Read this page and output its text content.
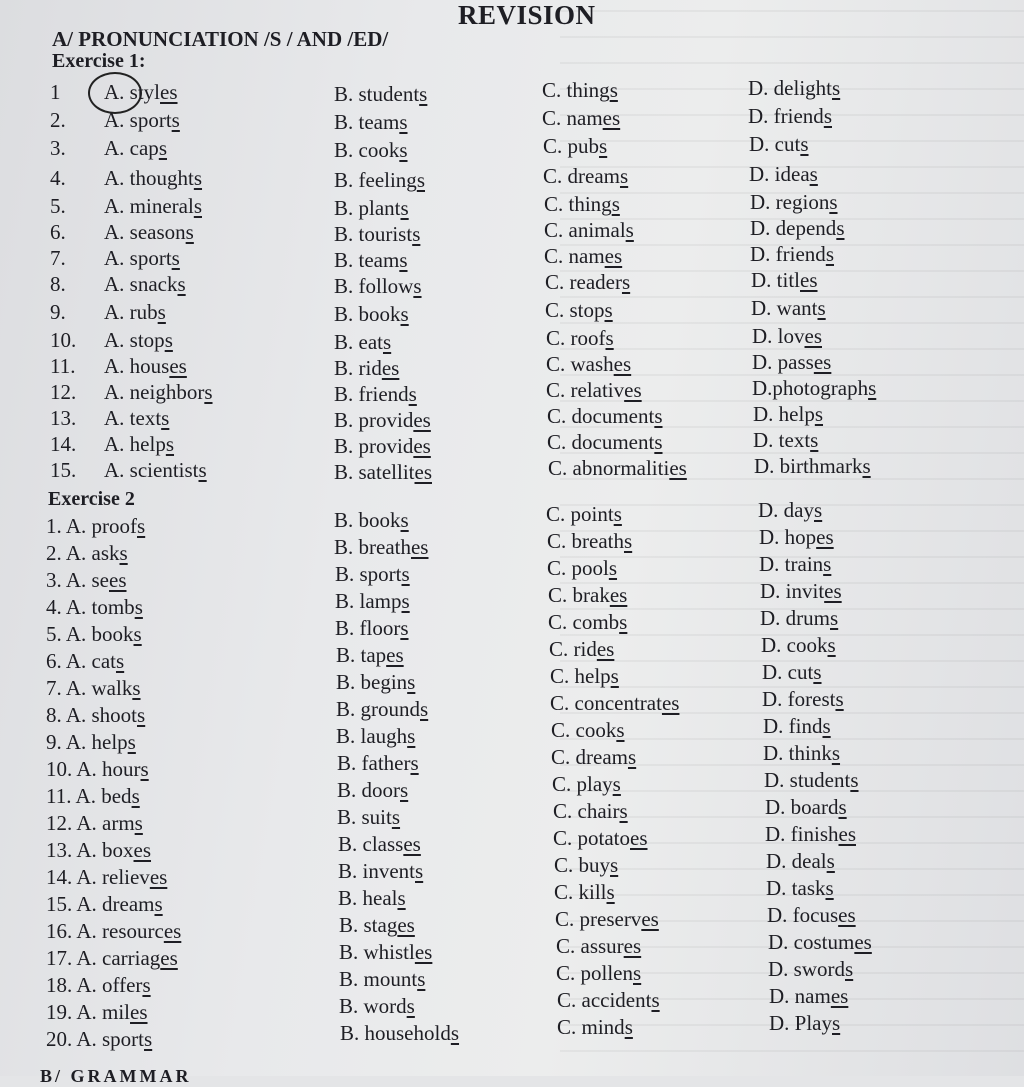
REVISION
A/ PRONUNCIATION /S / AND /ED/
Exercise 1:
1 A. styles	B. students	C. things	D. delights
2. A. sports	B. teams	C. names	D. friends
3. A. caps	B. cooks	C. pubs	D. cuts
4. A. thoughts	B. feelings	C. dreams	D. ideas
5. A. minerals	B. plants	C. things	D. regions
6. A. seasons	B. tourists	C. animals	D. depends
7. A. sports	B. teams	C. names	D. friends
8. A. snacks	B. follows	C. readers	D. titles
9. A. rubs	B. books	C. stops	D. wants
10. A. stops	B. eats	C. roofs	D. loves
11. A. houses	B. rides	C. washes	D. passes
12. A. neighbors	B. friends	C. relatives	D.photographs
13. A. texts	B. provides	C. documents	D. helps
14. A. helps	B. provides	C. documents	D. texts
15. A. scientists	B. satellites	C. abnormalities	D. birthmarks
Exercise 2
1. A. proofs	B. books	C. points	D. days
2. A. asks	B. breathes	C. breaths	D. hopes
3. A. sees	B. sports	C. pools	D. trains
4. A. tombs	B. lamps	C. brakes	D. invites
5. A. books	B. floors	C. combs	D. drums
6. A. cats	B. tapes	C. rides	D. cooks
7. A. walks	B. begins	C. helps	D. cuts
8. A. shoots	B. grounds	C. concentrates	D. forests
9. A. helps	B. laughs	C. cooks	D. finds
10. A. hours	B. fathers	C. dreams	D. thinks
11. A. beds	B. doors	C. plays	D. students
12. A. arms	B. suits	C. chairs	D. boards
13. A. boxes	B. classes	C. potatoes	D. finishes
14. A. relieves	B. invents	C. buys	D. deals
15. A. dreams	B. heals	C. kills	D. tasks
16. A. resources	B. stages	C. preserves	D. focuses
17. A. carriages	B. whistles	C. assures	D. costumes
18. A. offers	B. mounts	C. pollens	D. swords
19. A. miles	B. words	C. accidents	D. names
20. A. sports	B. households	C. minds	D. Plays
B/ GRAMMAR
